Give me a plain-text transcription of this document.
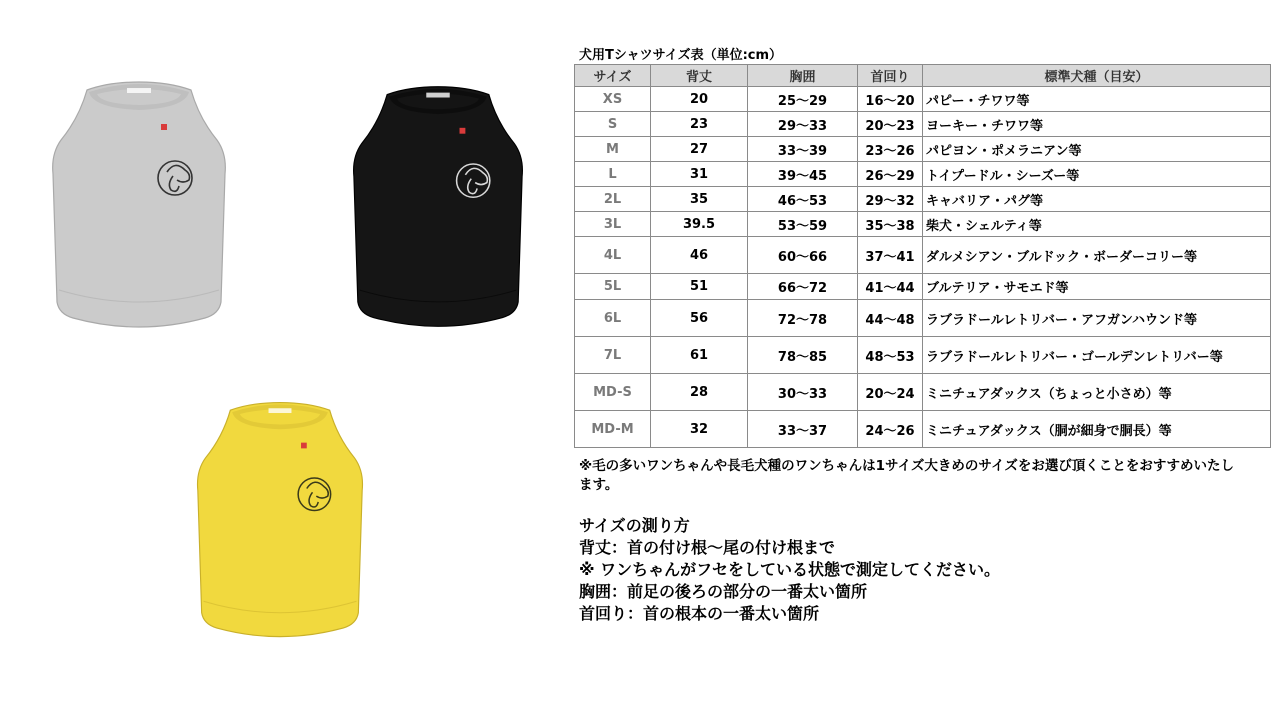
犬用Tシャツサイズ表（単位:cm）
サイズ	背丈	胸囲	首回り	標準犬種（目安）
XS	20	25〜29	16〜20	パピー・チワワ等
S	23	29〜33	20〜23	ヨーキー・チワワ等
M	27	33〜39	23〜26	パピヨン・ポメラニアン等
L	31	39〜45	26〜29	トイプードル・シーズー等
2L	35	46〜53	29〜32	キャバリア・パグ等
3L	39.5	53〜59	35〜38	柴犬・シェルティ等
4L	46	60〜66	37〜41	ダルメシアン・ブルドック・ボーダーコリー等
5L	51	66〜72	41〜44	ブルテリア・サモエド等
6L	56	72〜78	44〜48	ラブラドールレトリバー・アフガンハウンド等
7L	61	78〜85	48〜53	ラブラドールレトリバー・ゴールデンレトリバー等
MD-S	28	30〜33	20〜24	ミニチュアダックス（ちょっと小さめ）等
MD-M	32	33〜37	24〜26	ミニチュアダックス（胴が細身で胴長）等
※毛の多いワンちゃんや長毛犬種のワンちゃんは1サイズ大きめのサイズをお選び頂くことをおすすめいたします。
サイズの測り方
背丈：首の付け根〜尾の付け根まで
※ ワンちゃんがフセをしている状態で測定してください。
胸囲：前足の後ろの部分の一番太い箇所
首回り：首の根本の一番太い箇所
